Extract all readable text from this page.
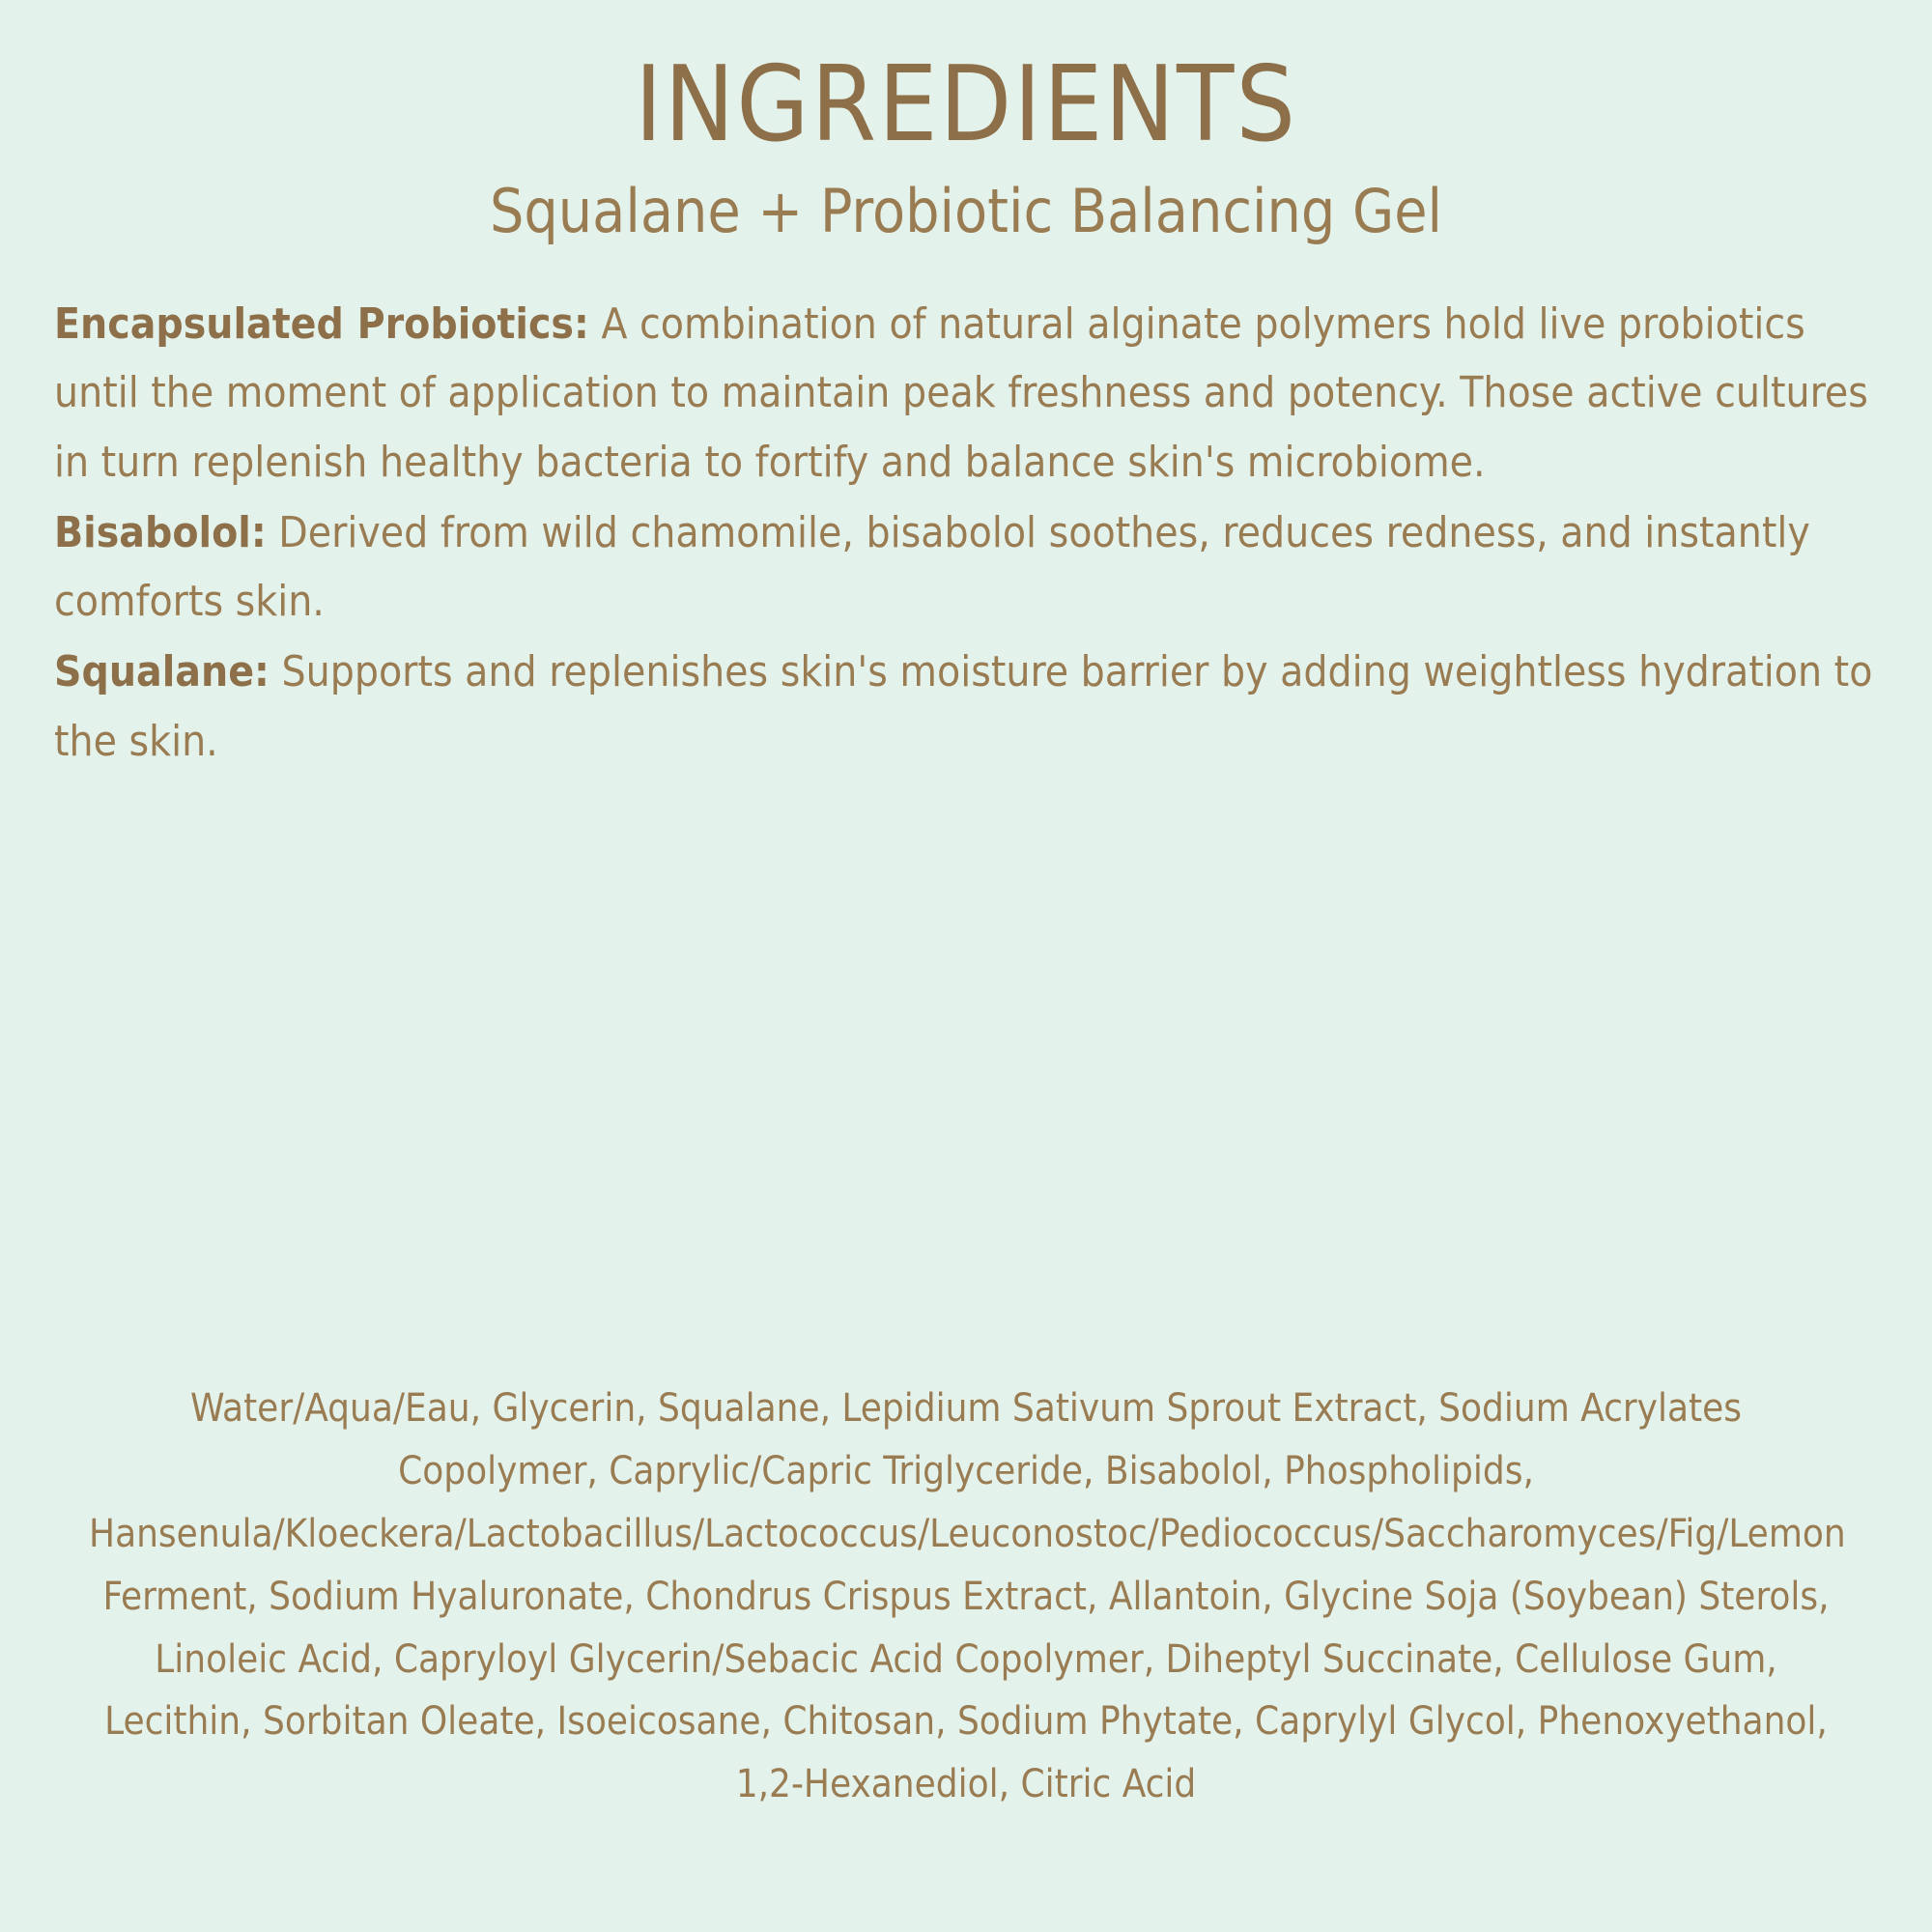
INGREDIENTS
Squalane + Probiotic Balancing Gel

Encapsulated Probiotics: A combination of natural alginate polymers hold live probiotics until the moment of application to maintain peak freshness and potency. Those active cultures in turn replenish healthy bacteria to fortify and balance skin's microbiome.

Bisabolol: Derived from wild chamomile, bisabolol soothes, reduces redness, and instantly comforts skin.

Squalane: Supports and replenishes skin's moisture barrier by adding weightless hydration to the skin.

Water/Aqua/Eau, Glycerin, Squalane, Lepidium Sativum Sprout Extract, Sodium Acrylates Copolymer, Caprylic/Capric Triglyceride, Bisabolol, Phospholipids, Hansenula/Kloeckera/Lactobacillus/Lactococcus/Leuconostoc/Pediococcus/Saccharomyces/Fig/Lemon Ferment, Sodium Hyaluronate, Chondrus Crispus Extract, Allantoin, Glycine Soja (Soybean) Sterols, Linoleic Acid, Capryloyl Glycerin/Sebacic Acid Copolymer, Diheptyl Succinate, Cellulose Gum, Lecithin, Sorbitan Oleate, Isoeicosane, Chitosan, Sodium Phytate, Caprylyl Glycol, Phenoxyethanol, 1,2-Hexanediol, Citric Acid
